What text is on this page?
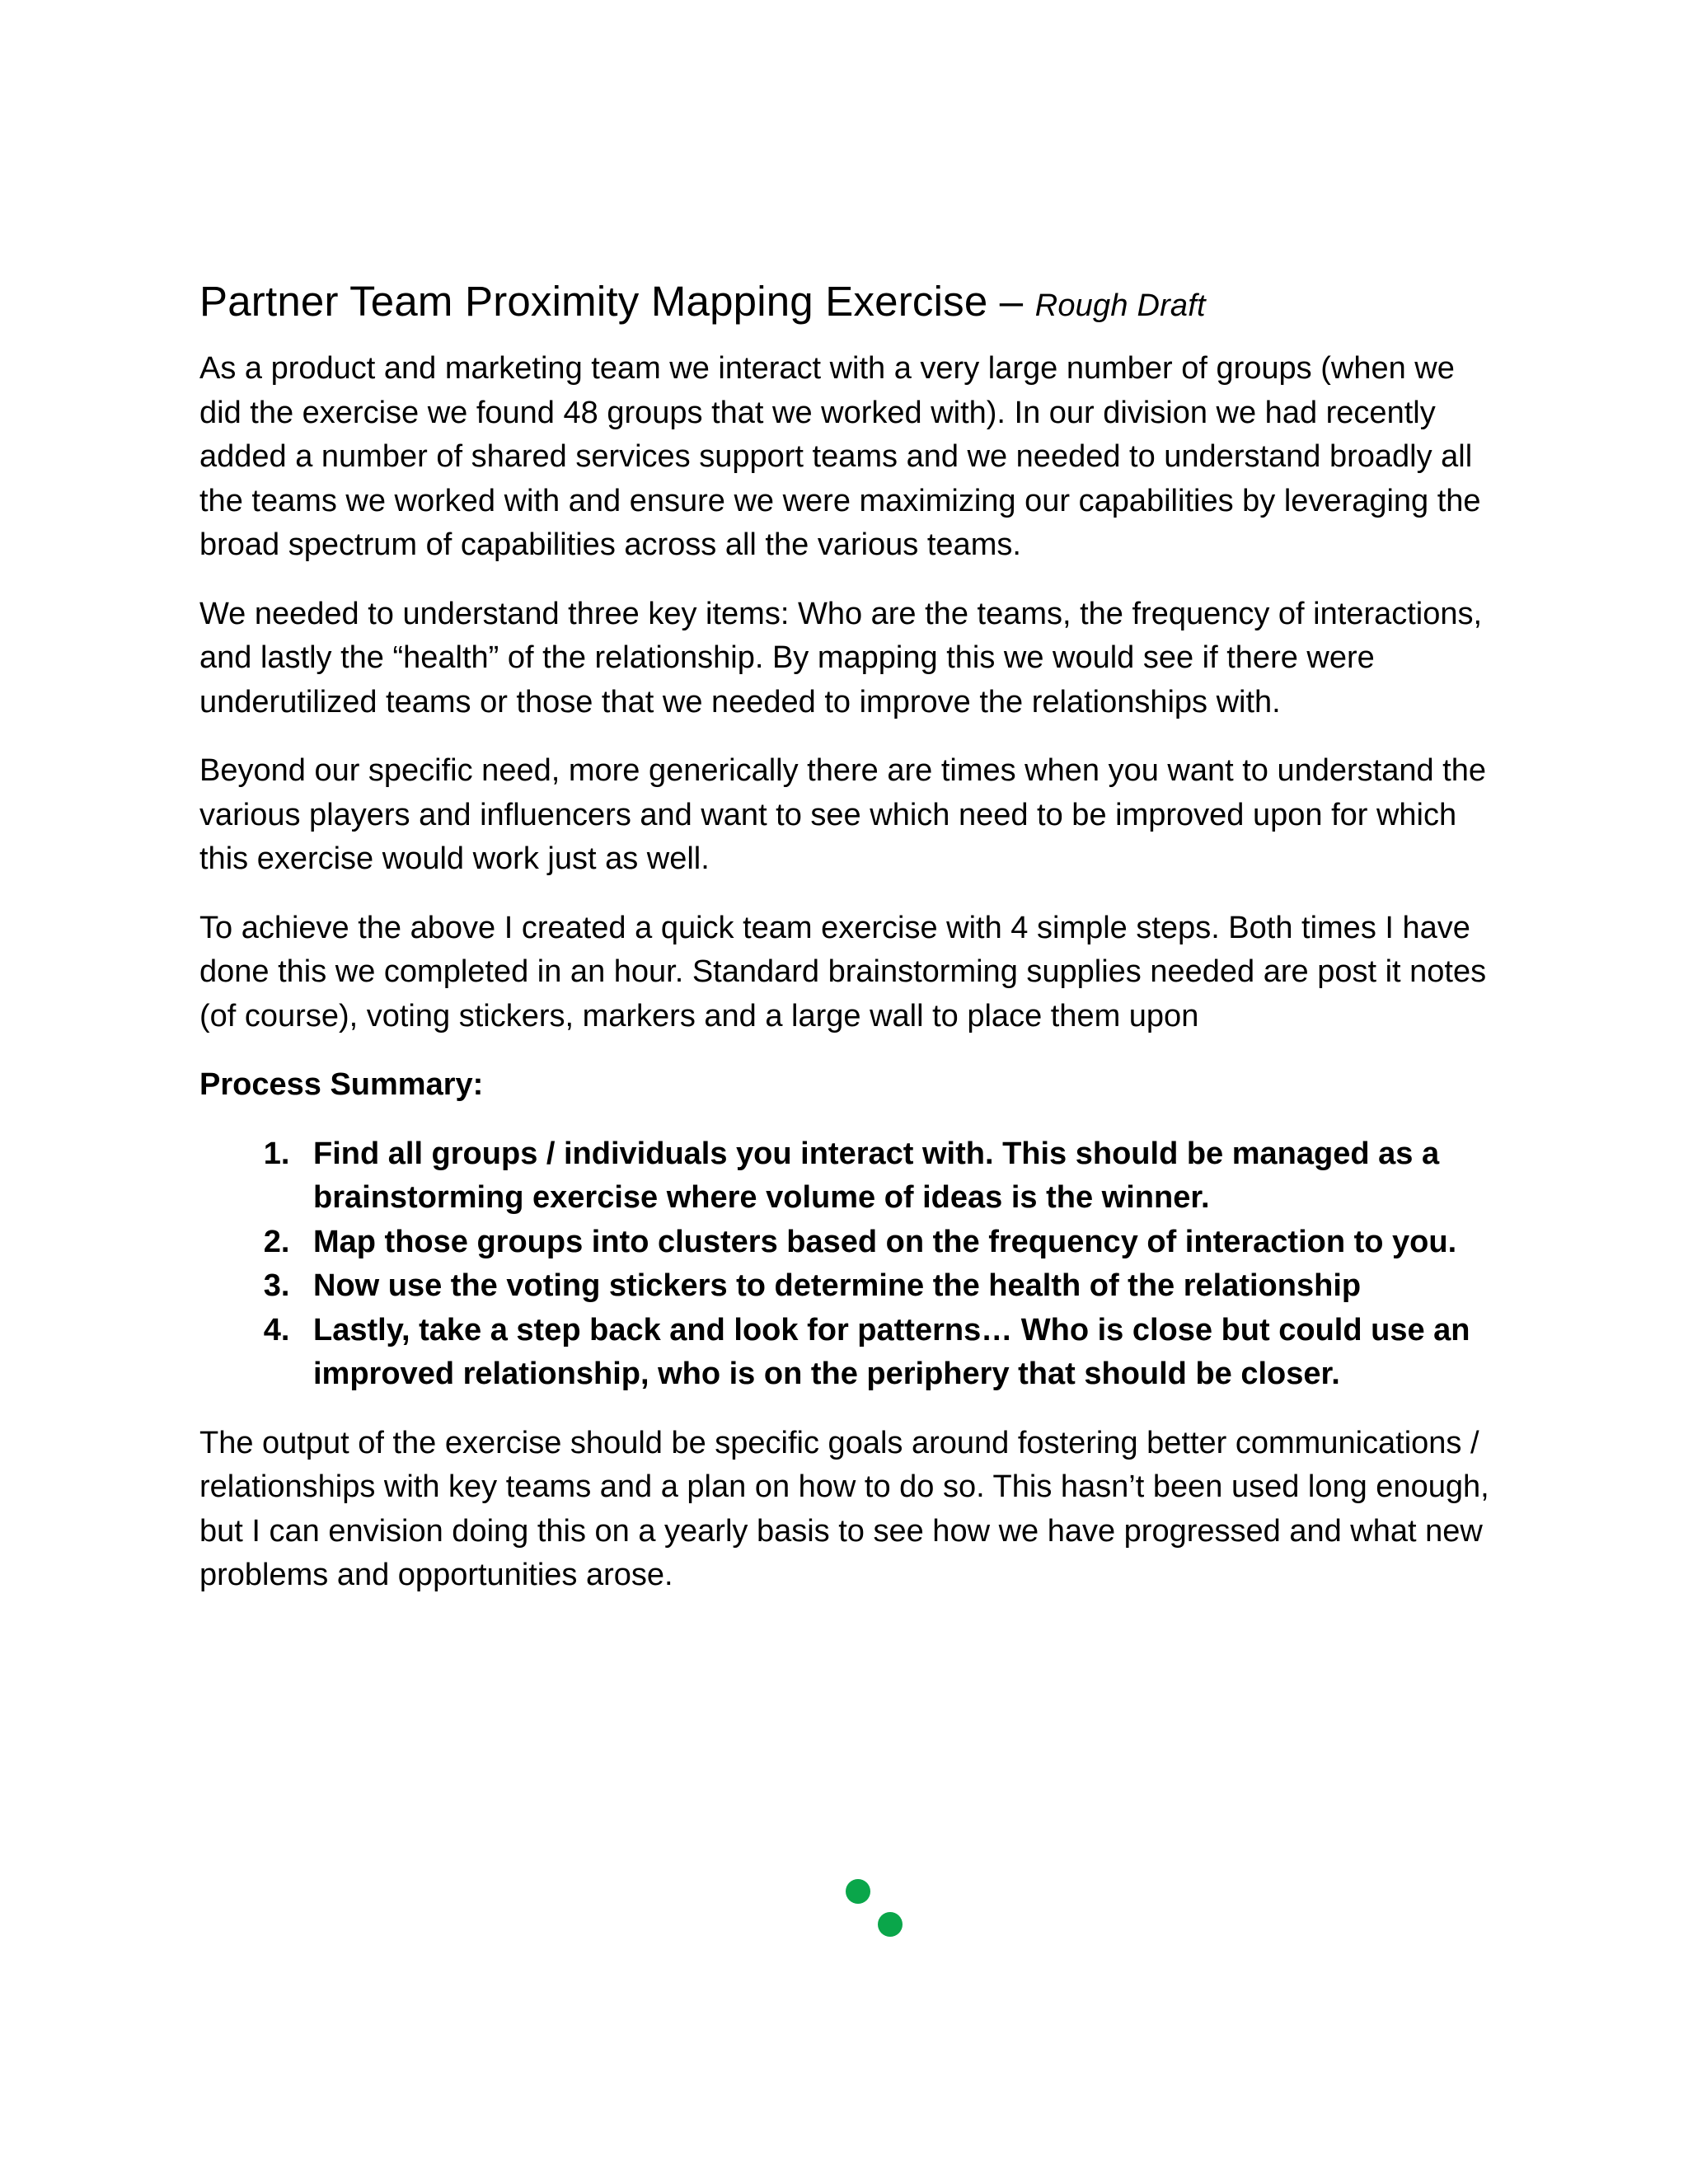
Partner Team Proximity Mapping Exercise – Rough Draft

As a product and marketing team we interact with a very large number of groups (when we did the exercise we found 48 groups that we worked with). In our division we had recently added a number of shared services support teams and we needed to understand broadly all the teams we worked with and ensure we were maximizing our capabilities by leveraging the broad spectrum of capabilities across all the various teams.

We needed to understand three key items: Who are the teams, the frequency of interactions, and lastly the “health” of the relationship. By mapping this we would see if there were underutilized teams or those that we needed to improve the relationships with.

Beyond our specific need, more generically there are times when you want to understand the various players and influencers and want to see which need to be improved upon for which this exercise would work just as well.

To achieve the above I created a quick team exercise with 4 simple steps. Both times I have done this we completed in an hour. Standard brainstorming supplies needed are post it notes (of course), voting stickers, markers and a large wall to place them upon

Process Summary:
1. Find all groups / individuals you interact with. This should be managed as a brainstorming exercise where volume of ideas is the winner.
2. Map those groups into clusters based on the frequency of interaction to you.
3. Now use the voting stickers to determine the health of the relationship
4. Lastly, take a step back and look for patterns… Who is close but could use an improved relationship, who is on the periphery that should be closer.

The output of the exercise should be specific goals around fostering better communications / relationships with key teams and a plan on how to do so. This hasn’t been used long enough, but I can envision doing this on a yearly basis to see how we have progressed and what new problems and opportunities arose.
